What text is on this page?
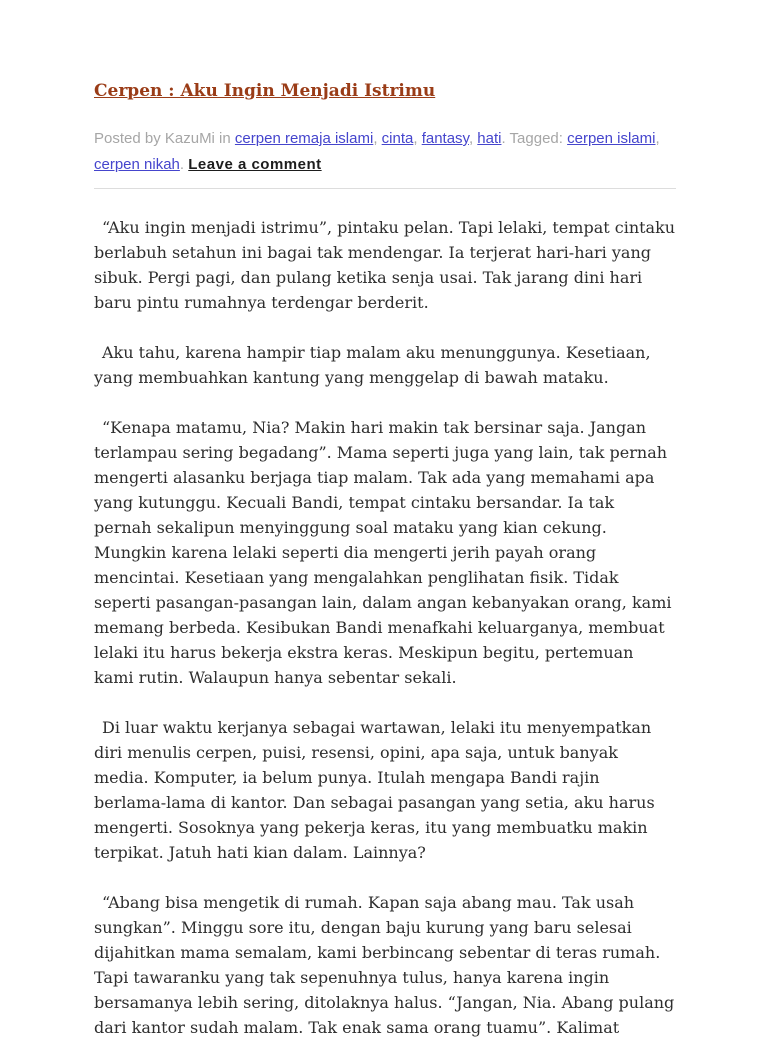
Cerpen : Aku Ingin Menjadi Istrimu

Posted by KazuMi in cerpen remaja islami, cinta, fantasy, hati. Tagged: cerpen islami, cerpen nikah. Leave a comment

“Aku ingin menjadi istrimu”, pintaku pelan. Tapi lelaki, tempat cintaku berlabuh setahun ini bagai tak mendengar. Ia terjerat hari-hari yang sibuk. Pergi pagi, dan pulang ketika senja usai. Tak jarang dini hari baru pintu rumahnya terdengar berderit.

Aku tahu, karena hampir tiap malam aku menunggunya. Kesetiaan, yang membuahkan kantung yang menggelap di bawah mataku.

“Kenapa matamu, Nia? Makin hari makin tak bersinar saja. Jangan terlampau sering begadang”. Mama seperti juga yang lain, tak pernah mengerti alasanku berjaga tiap malam. Tak ada yang memahami apa yang kutunggu. Kecuali Bandi, tempat cintaku bersandar. Ia tak pernah sekalipun menyinggung soal mataku yang kian cekung. Mungkin karena lelaki seperti dia mengerti jerih payah orang mencintai. Kesetiaan yang mengalahkan penglihatan fisik. Tidak seperti pasangan-pasangan lain, dalam angan kebanyakan orang, kami memang berbeda. Kesibukan Bandi menafkahi keluarganya, membuat lelaki itu harus bekerja ekstra keras. Meskipun begitu, pertemuan kami rutin. Walaupun hanya sebentar sekali.

Di luar waktu kerjanya sebagai wartawan, lelaki itu menyempatkan diri menulis cerpen, puisi, resensi, opini, apa saja, untuk banyak media. Komputer, ia belum punya. Itulah mengapa Bandi rajin berlama-lama di kantor. Dan sebagai pasangan yang setia, aku harus mengerti. Sosoknya yang pekerja keras, itu yang membuatku makin terpikat. Jatuh hati kian dalam. Lainnya?

“Abang bisa mengetik di rumah. Kapan saja abang mau. Tak usah sungkan”. Minggu sore itu, dengan baju kurung yang baru selesai dijahitkan mama semalam, kami berbincang sebentar di teras rumah. Tapi tawaranku yang tak sepenuhnya tulus, hanya karena ingin bersamanya lebih sering, ditolaknya halus. “Jangan, Nia. Abang pulang dari kantor sudah malam. Tak enak sama orang tuamu”. Kalimat
